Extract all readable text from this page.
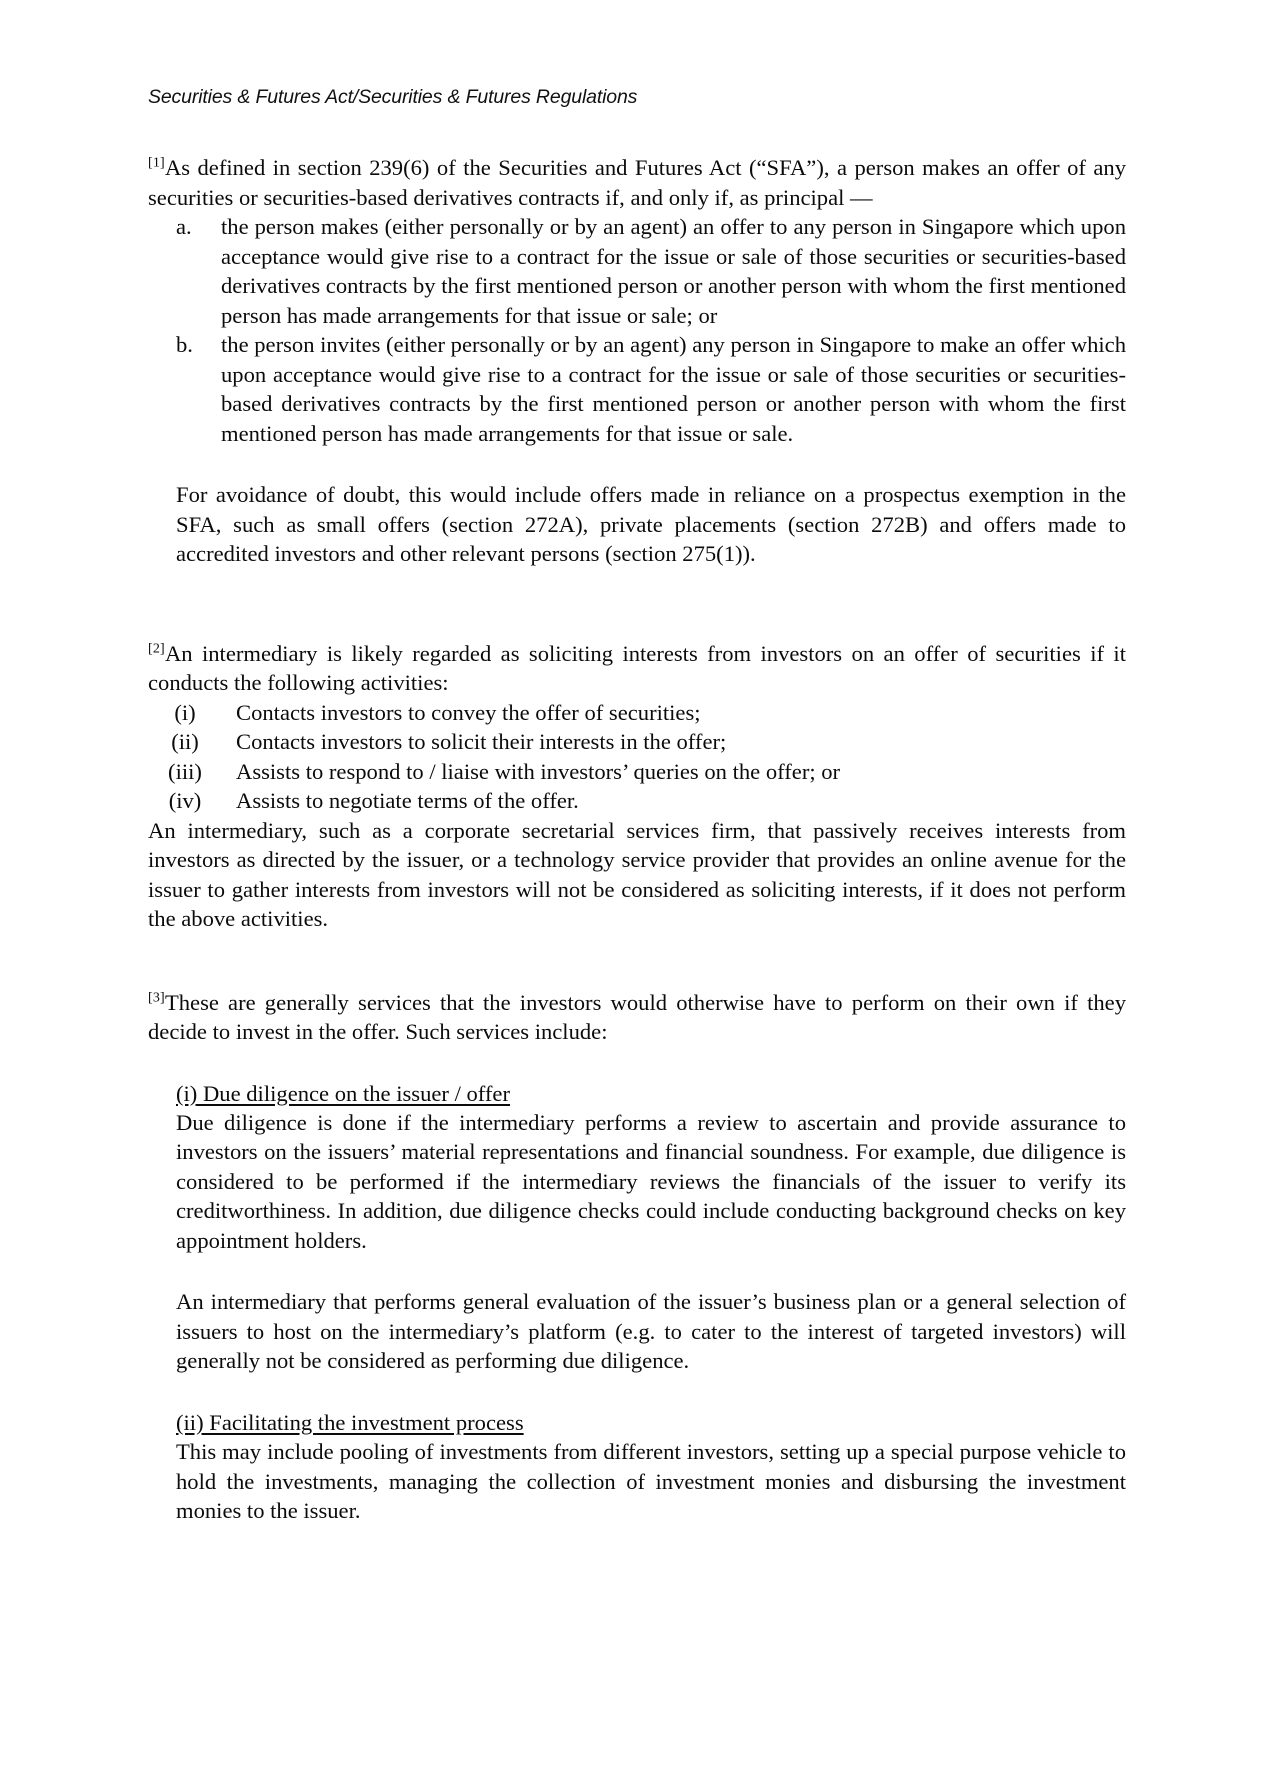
Securities & Futures Act/Securities & Futures Regulations

[1]As defined in section 239(6) of the Securities and Futures Act (“SFA”), a person makes an offer of any securities or securities-based derivatives contracts if, and only if, as principal —

a.	the person makes (either personally or by an agent) an offer to any person in Singapore which upon acceptance would give rise to a contract for the issue or sale of those securities or securities-based derivatives contracts by the first mentioned person or another person with whom the first mentioned person has made arrangements for that issue or sale; or
b.	the person invites (either personally or by an agent) any person in Singapore to make an offer which upon acceptance would give rise to a contract for the issue or sale of those securities or securities-based derivatives contracts by the first mentioned person or another person with whom the first mentioned person has made arrangements for that issue or sale.

For avoidance of doubt, this would include offers made in reliance on a prospectus exemption in the SFA, such as small offers (section 272A), private placements (section 272B) and offers made to accredited investors and other relevant persons (section 275(1)).

[2]An intermediary is likely regarded as soliciting interests from investors on an offer of securities if it conducts the following activities:

(i)	Contacts investors to convey the offer of securities;
(ii)	Contacts investors to solicit their interests in the offer;
(iii)	Assists to respond to / liaise with investors’ queries on the offer; or
(iv)	Assists to negotiate terms of the offer.

An intermediary, such as a corporate secretarial services firm, that passively receives interests from investors as directed by the issuer, or a technology service provider that provides an online avenue for the issuer to gather interests from investors will not be considered as soliciting interests, if it does not perform the above activities.

[3]These are generally services that the investors would otherwise have to perform on their own if they decide to invest in the offer. Such services include:

(i) Due diligence on the issuer / offer

Due diligence is done if the intermediary performs a review to ascertain and provide assurance to investors on the issuers’ material representations and financial soundness. For example, due diligence is considered to be performed if the intermediary reviews the financials of the issuer to verify its creditworthiness. In addition, due diligence checks could include conducting background checks on key appointment holders.

An intermediary that performs general evaluation of the issuer’s business plan or a general selection of issuers to host on the intermediary’s platform (e.g. to cater to the interest of targeted investors) will generally not be considered as performing due diligence.

(ii) Facilitating the investment process

This may include pooling of investments from different investors, setting up a special purpose vehicle to hold the investments, managing the collection of investment monies and disbursing the investment monies to the issuer.
